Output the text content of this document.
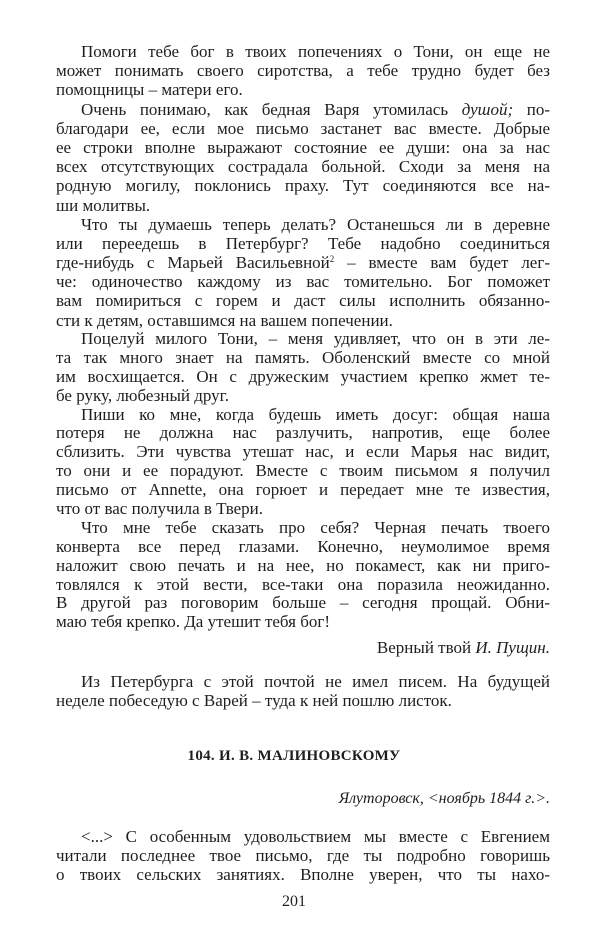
Помоги тебе бог в твоих попечениях о Тони, он еще не
может понимать своего сиротства, а тебе трудно будет без
помощницы – матери его.
Очень понимаю, как бедная Варя утомилась душой; по-
благодари ее, если мое письмо застанет вас вместе. Добрые
ее строки вполне выражают состояние ее души: она за нас
всех отсутствующих сострадала больной. Сходи за меня на
родную могилу, поклонись праху. Тут соединяются все на-
ши молитвы.
Что ты думаешь теперь делать? Останешься ли в деревне
или переедешь в Петербург? Тебе надобно соединиться
где-нибудь с Марьей Васильевной$^2$ – вместе вам будет лег-
че: одиночество каждому из вас томительно. Бог поможет
вам помириться с горем и даст силы исполнить обязанно-
сти к детям, оставшимся на вашем попечении.
Поцелуй милого Тони, – меня удивляет, что он в эти ле-
та так много знает на память. Оболенский вместе со мной
им восхищается. Он с дружеским участием крепко жмет те-
бе руку, любезный друг.
Пиши ко мне, когда будешь иметь досуг: общая наша
потеря не должна нас разлучить, напротив, еще более
сблизить. Эти чувства утешат нас, и если Марья нас видит,
то они и ее порадуют. Вместе с твоим письмом я получил
письмо от Annette, она горюет и передает мне те известия,
что от вас получила в Твери.
Что мне тебе сказать про себя? Черная печать твоего
конверта все перед глазами. Конечно, неумолимое время
наложит свою печать и на нее, но покамест, как ни приго-
товлялся к этой вести, все-таки она поразила неожиданно.
В другой раз поговорим больше – сегодня прощай. Обни-
маю тебя крепко. Да утешит тебя бог!
Верный твой И. Пущин.
Из Петербурга с этой почтой не имел писем. На будущей
неделе побеседую с Варей – туда к ней пошлю листок.
104. И. В. МАЛИНОВСКОМУ
Ялуторовск, <ноябрь 1844 г.>.
<...> С особенным удовольствием мы вместе с Евгением
читали последнее твое письмо, где ты подробно говоришь
о твоих сельских занятиях. Вполне уверен, что ты нахо-
201
